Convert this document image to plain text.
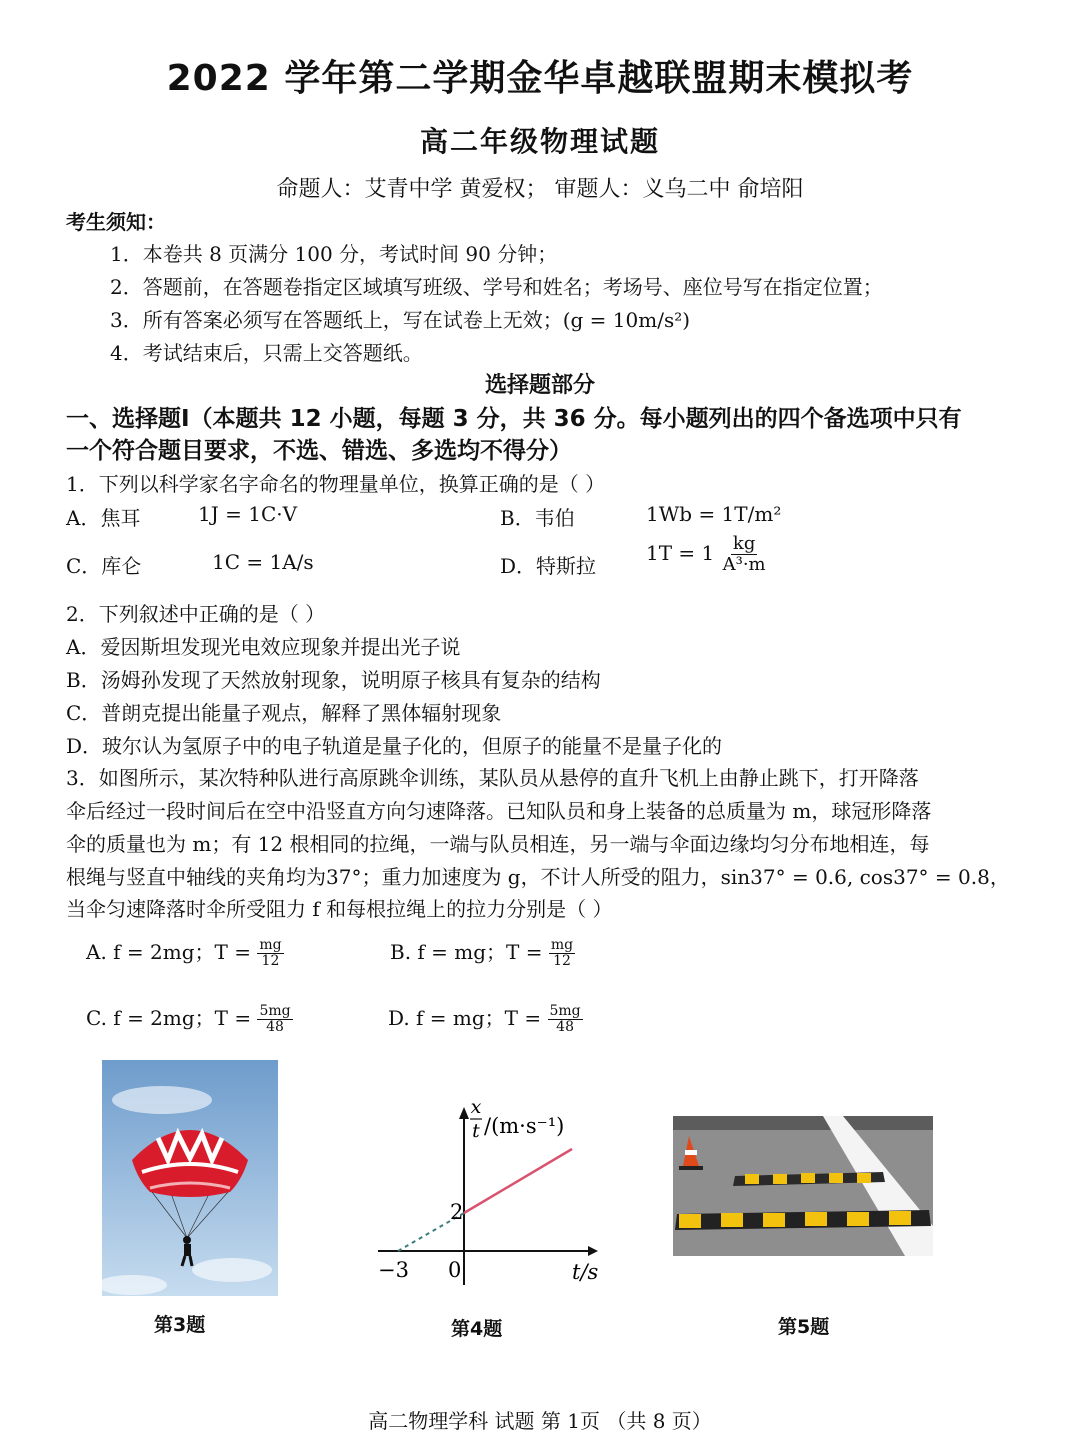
2022 学年第二学期金华卓越联盟期末模拟考
高二年级物理试题
命题人：艾青中学 黄爱权； 审题人：义乌二中 俞培阳
考生须知：
1．本卷共 8 页满分 100 分，考试时间 90 分钟；
2．答题前，在答题卷指定区域填写班级、学号和姓名；考场号、座位号写在指定位置；
3．所有答案必须写在答题纸上，写在试卷上无效；(g = 10m/s²)
4．考试结束后，只需上交答题纸。
选择题部分
一、选择题Ⅰ（本题共 12 小题，每题 3 分，共 36 分。每小题列出的四个备选项中只有
一个符合题目要求，不选、错选、多选均不得分）
1．下列以科学家名字命名的物理量单位，换算正确的是（ ）
A．焦耳	1J = 1C·V	B．韦伯	1Wb = 1T/m²
C．库仑	1C = 1A/s	D．特斯拉
$1T = 1 \frac{kg}{\text{A³·m}}$
2．下列叙述中正确的是（ ）
A．爱因斯坦发现光电效应现象并提出光子说
B．汤姆孙发现了天然放射现象，说明原子核具有复杂的结构
C．普朗克提出能量子观点，解释了黑体辐射现象
D．玻尔认为氢原子中的电子轨道是量子化的，但原子的能量不是量子化的
3．如图所示，某次特种队进行高原跳伞训练，某队员从悬停的直升飞机上由静止跳下，打开降落
伞后经过一段时间后在空中沿竖直方向匀速降落。已知队员和身上装备的总质量为 m，球冠形降落
伞的质量也为 m；有 12 根相同的拉绳，一端与队员相连，另一端与伞面边缘均匀分布地相连，每
根绳与竖直中轴线的夹角均为37°；重力加速度为 g，不计人所受的阻力，sin37° = 0.6, cos37° = 0.8，
当伞匀速降落时伞所受阻力 f 和每根拉绳上的拉力分别是（ ）
A. f = 2mg；$T = \frac{mg}{12}$	B. f = mg；$T = \frac{mg}{12}$
C. f = 2mg；$T = \frac{5mg}{48}$	D. f = mg；$T = \frac{5mg}{48}$
第3题
x
t /(m·s⁻¹)
2
−3 0	t/s
第4题	第5题
高二物理学科 试题 第 1页 （共 8 页）
